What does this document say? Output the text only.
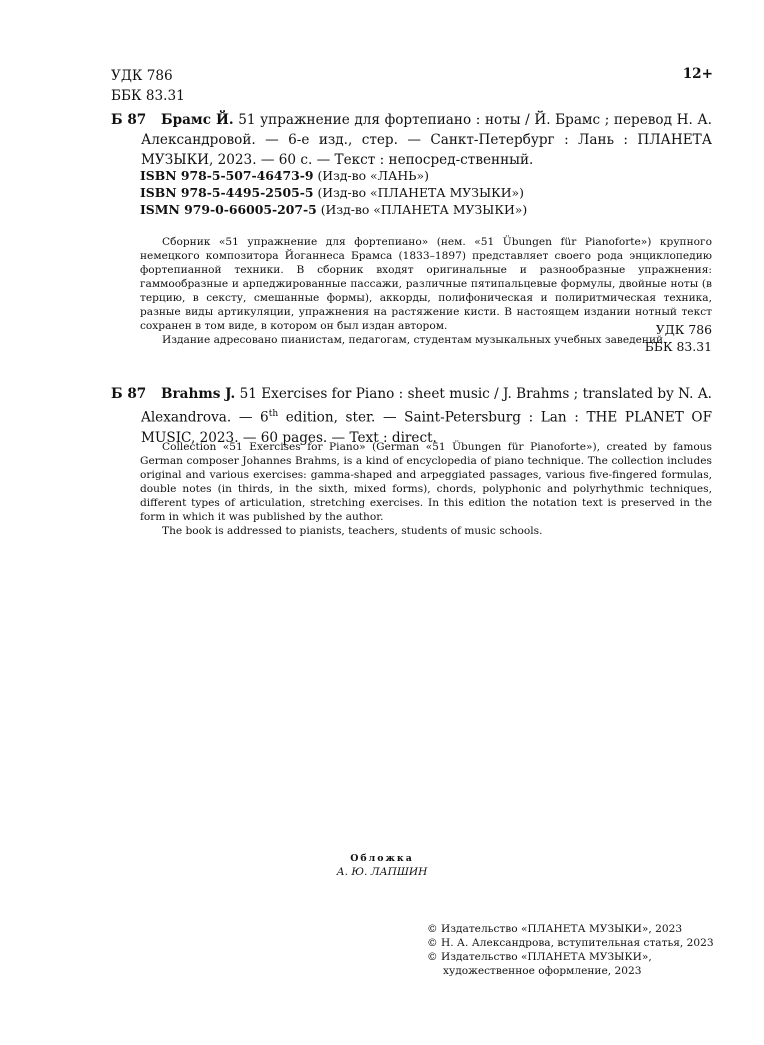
УДК 786
ББК 83.31
12+
Б 87	Брамс Й. 51 упражнение для фортепиано : ноты / Й. Брамс ; перевод Н. А. Александровой. — 6-е изд., стер. — Санкт-Петербург : Лань : ПЛАНЕТА МУЗЫКИ, 2023. — 60 с. — Текст : непосред-ственный.
ISBN 978-5-507-46473-9 (Изд-во «ЛАНЬ»)
ISBN 978-5-4495-2505-5 (Изд-во «ПЛАНЕТА МУЗЫКИ»)
ISMN 979-0-66005-207-5 (Изд-во «ПЛАНЕТА МУЗЫКИ»)

Сборник «51 упражнение для фортепиано» (нем. «51 Übungen für Pianoforte») крупного немецкого композитора Йоганнеса Брамса (1833–1897) представляет своего рода энциклопедию фортепианной техники. В сборник входят оригинальные и разнообразные упражнения: гаммообразные и арпеджированные пассажи, различные пятипальцевые формулы, двойные ноты (в терцию, в сексту, смешанные формы), аккорды, полифоническая и полиритмическая техника, разные виды артикуляции, упражнения на растяжение кисти. В настоящем издании нотный текст сохранен в том виде, в котором он был издан автором.

Издание адресовано пианистам, педагогам, студентам музыкальных учебных заведений.

УДК 786
ББК 83.31
Б 87	Brahms J. 51 Exercises for Piano : sheet music / J. Brahms ; translated by N. A. Alexandrova. — 6th edition, ster. — Saint-Petersburg : Lan : THE PLANET OF MUSIC, 2023. — 60 pages. — Text : direct.

Collection «51 Exercises for Piano» (German «51 Übungen für Pianoforte»), created by famous German composer Johannes Brahms, is a kind of encyclopedia of piano technique. The collection includes original and various exercises: gamma-shaped and arpeggiated passages, various five-fingered formulas, double notes (in thirds, in the sixth, mixed forms), chords, polyphonic and polyrhythmic techniques, different types of articulation, stretching exercises. In this edition the notation text is preserved in the form in which it was published by the author.

The book is addressed to pianists, teachers, students of music schools.

Обложка
А. Ю. ЛАПШИН
© Издательство «ПЛАНЕТА МУЗЫКИ», 2023
© Н. А. Александрова, вступительная статья, 2023
© Издательство «ПЛАНЕТА МУЗЫКИ»,
художественное оформление, 2023
